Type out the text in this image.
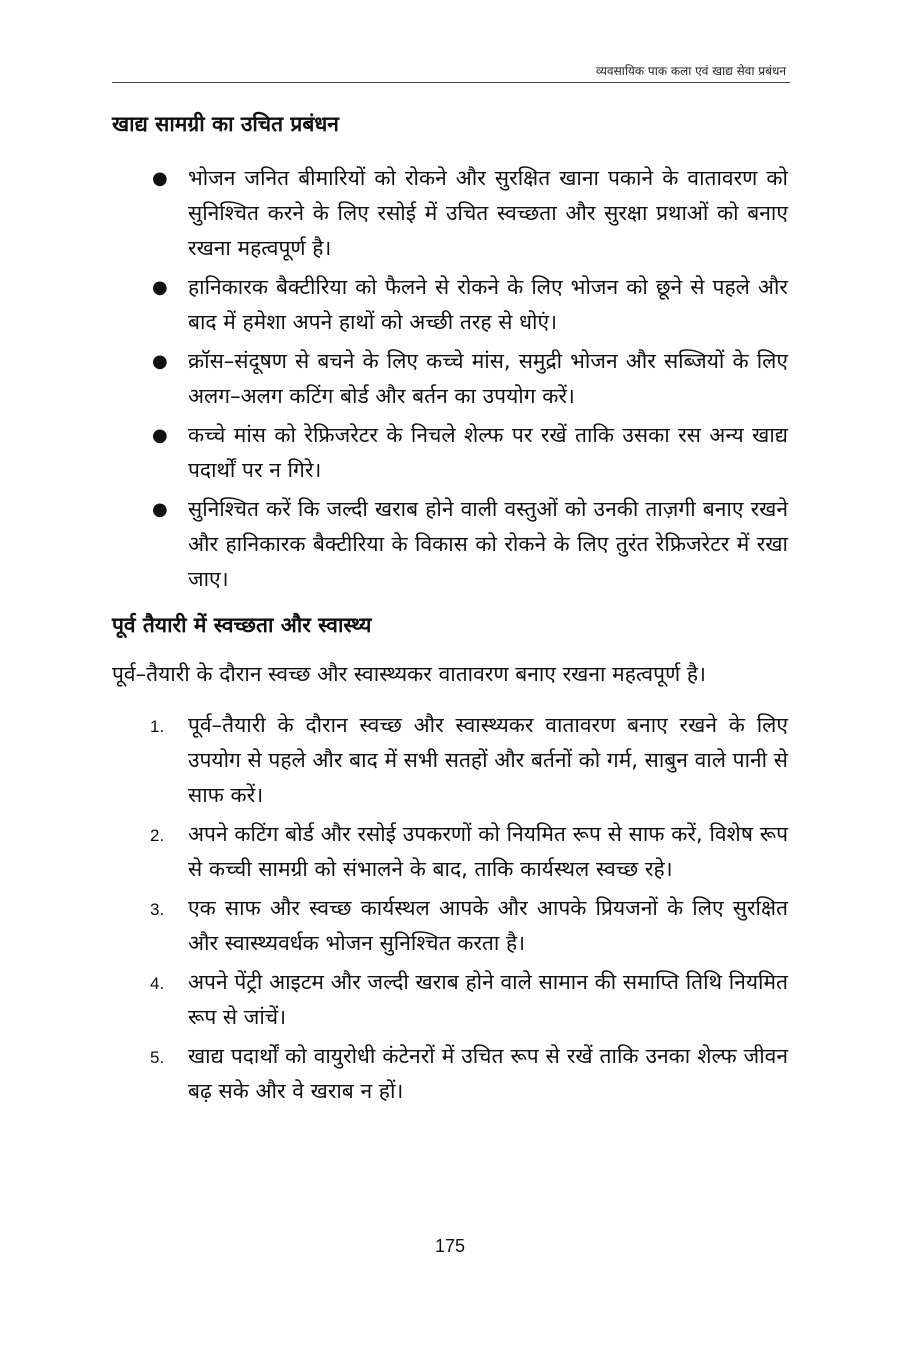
व्यवसायिक पाक कला एवं खाद्य सेवा प्रबंधन
खाद्य सामग्री का उचित प्रबंधन
● भोजन जनित बीमारियों को रोकने और सुरक्षित खाना पकाने के वातावरण को सुनिश्चित करने के लिए रसोई में उचित स्वच्छता और सुरक्षा प्रथाओं को बनाए रखना महत्वपूर्ण है।
● हानिकारक बैक्टीरिया को फैलने से रोकने के लिए भोजन को छूने से पहले और बाद में हमेशा अपने हाथों को अच्छी तरह से धोएं।
● क्रॉस–संदूषण से बचने के लिए कच्चे मांस, समुद्री भोजन और सब्जियों के लिए अलग–अलग कटिंग बोर्ड और बर्तन का उपयोग करें।
● कच्चे मांस को रेफ्रिजरेटर के निचले शेल्फ पर रखें ताकि उसका रस अन्य खाद्य पदार्थों पर न गिरे।
● सुनिश्चित करें कि जल्दी खराब होने वाली वस्तुओं को उनकी ताज़गी बनाए रखने और हानिकारक बैक्टीरिया के विकास को रोकने के लिए तुरंत रेफ्रिजरेटर में रखा जाए।
पूर्व तैयारी में स्वच्छता और स्वास्थ्य

पूर्व–तैयारी के दौरान स्वच्छ और स्वास्थ्यकर वातावरण बनाए रखना महत्वपूर्ण है।

1. पूर्व–तैयारी के दौरान स्वच्छ और स्वास्थ्यकर वातावरण बनाए रखने के लिए उपयोग से पहले और बाद में सभी सतहों और बर्तनों को गर्म, साबुन वाले पानी से साफ करें।
2. अपने कटिंग बोर्ड और रसोई उपकरणों को नियमित रूप से साफ करें, विशेष रूप से कच्ची सामग्री को संभालने के बाद, ताकि कार्यस्थल स्वच्छ रहे।
3. एक साफ और स्वच्छ कार्यस्थल आपके और आपके प्रियजनों के लिए सुरक्षित और स्वास्थ्यवर्धक भोजन सुनिश्चित करता है।
4. अपने पेंट्री आइटम और जल्दी खराब होने वाले सामान की समाप्ति तिथि नियमित रूप से जांचें।
5. खाद्य पदार्थों को वायुरोधी कंटेनरों में उचित रूप से रखें ताकि उनका शेल्फ जीवन बढ़ सके और वे खराब न हों।
175
